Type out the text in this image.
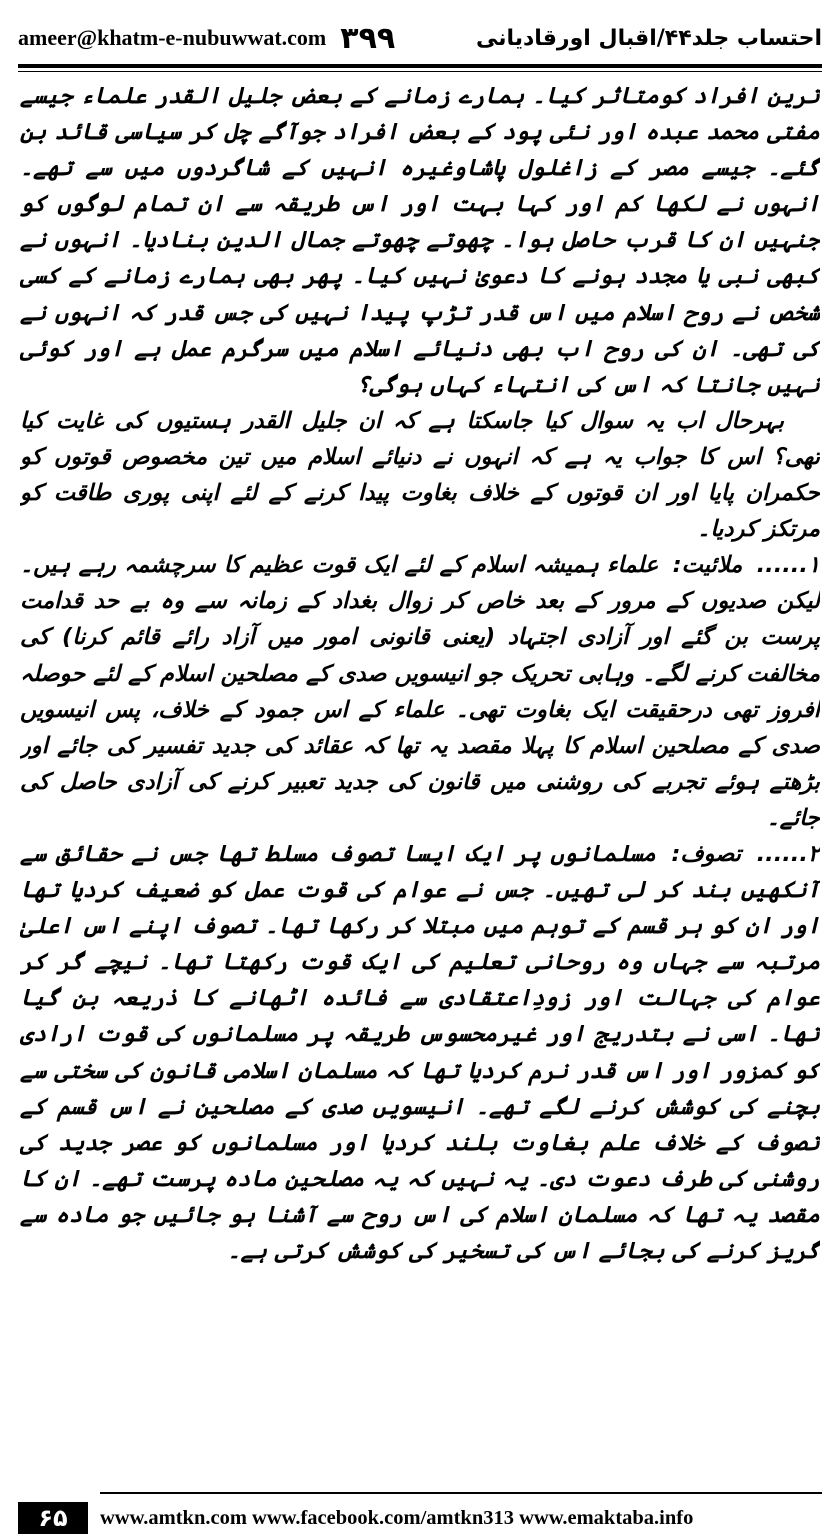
ameer@khatm-e-nubuwwat.com ۳۹۹	احتساب جلد۴۴/اقبال اورقادیانی

ترین افراد کومتاثر کیا۔ ہمارے زمانے کے بعض جلیل القدر علماء جیسے مفتی محمد عبدہ اور نئی پود کے بعض افراد جوآگے چل کر سیاسی قائد بن گئے۔ جیسے مصر کے زاغلول پاشاوغیرہ انہیں کے شاگردوں میں سے تھے۔ انہوں نے لکھا کم اور کہا بہت اور اس طریقہ سے ان تمام لوگوں کو جنہیں ان کا قرب حاصل ہوا۔ چھوتے چھوتے جمال الدین بنادیا۔ انہوں نے کبھی نبی یا مجدد ہونے کا دعویٰ نہیں کیا۔ پھر بھی ہمارے زمانے کے کسی شخص نے روح اسلام میں اس قدر تڑپ پیدا نہیں کی جس قدر کہ انہوں نے کی تھی۔ ان کی روح اب بھی دنیائے اسلام میں سرگرم عمل ہے اور کوئی نہیں جانتا کہ اس کی انتہاء کہاں ہوگی؟

بہرحال اب یہ سوال کیا جاسکتا ہے کہ ان جلیل القدر ہستیوں کی غایت کیا تھی؟ اس کا جواب یہ ہے کہ انہوں نے دنیائے اسلام میں تین مخصوص قوتوں کو حکمران پایا اور ان قوتوں کے خلاف بغاوت پیدا کرنے کے لئے اپنی پوری طاقت کو مرتکز کردیا۔

۱...... ملائیت: علماء ہمیشہ اسلام کے لئے ایک قوت عظیم کا سرچشمہ رہے ہیں۔ لیکن صدیوں کے مرور کے بعد خاص کر زوال بغداد کے زمانہ سے وہ بے حد قدامت پرست بن گئے اور آزادی اجتہاد (یعنی قانونی امور میں آزاد رائے قائم کرنا) کی مخالفت کرنے لگے۔ وہابی تحریک جو انیسویں صدی کے مصلحین اسلام کے لئے حوصلہ افروز تھی درحقیقت ایک بغاوت تھی۔ علماء کے اس جمود کے خلاف، پس انیسویں صدی کے مصلحین اسلام کا پہلا مقصد یہ تھا کہ عقائد کی جدید تفسیر کی جائے اور بڑھتے ہوئے تجربے کی روشنی میں قانون کی جدید تعبیر کرنے کی آزادی حاصل کی جائے۔

۲...... تصوف: مسلمانوں پر ایک ایسا تصوف مسلط تھا جس نے حقائق سے آنکھیں بند کر لی تھیں۔ جس نے عوام کی قوت عمل کو ضعیف کردیا تھا اور ان کو ہر قسم کے توہم میں مبتلا کر رکھا تھا۔ تصوف اپنے اس اعلیٰ مرتبہ سے جہاں وہ روحانی تعلیم کی ایک قوت رکھتا تھا۔ نیچے گر کر عوام کی جہالت اور زودِاعتقادی سے فائدہ اٹھانے کا ذریعہ بن گیا تھا۔ اسی نے بتدریج اور غیرمحسوس طریقہ پر مسلمانوں کی قوت ارادی کو کمزور اور اس قدر نرم کردیا تھا کہ مسلمان اسلامی قانون کی سختی سے بچنے کی کوشش کرنے لگے تھے۔ انیسویں صدی کے مصلحین نے اس قسم کے تصوف کے خلاف علم بغاوت بلند کردیا اور مسلمانوں کو عصر جدید کی روشنی کی طرف دعوت دی۔ یہ نہیں کہ یہ مصلحین مادہ پرست تھے۔ ان کا مقصد یہ تھا کہ مسلمان اسلام کی اس روح سے آشنا ہو جائیں جو مادہ سے گریز کرنے کی بجائے اس کی تسخیر کی کوشش کرتی ہے۔

۶۵	www.amtkn.com www.facebook.com/amtkn313 www.emaktaba.info
